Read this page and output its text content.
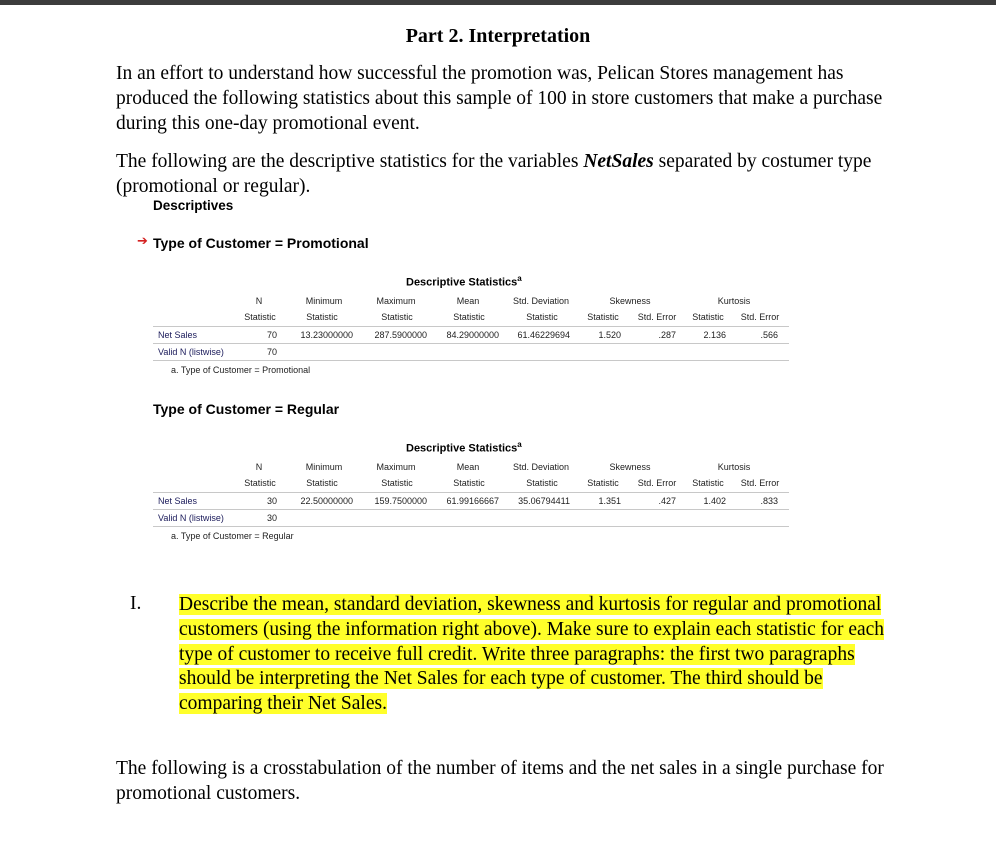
Part 2. Interpretation
In an effort to understand how successful the promotion was, Pelican Stores management has produced the following statistics about this sample of 100 in store customers that make a purchase during this one-day promotional event.
The following are the descriptive statistics for the variables NetSales separated by costumer type (promotional or regular).
Descriptives
➔ Type of Customer = Promotional
Descriptive Statistics$^a$
N	Minimum	Maximum	Mean	Std. Deviation	Skewness	Kurtosis
Statistic	Statistic	Statistic	Statistic	Statistic	Statistic Std. Error Statistic Std. Error
Net Sales	70	13.23000000 287.5900000 84.29000000 61.46229694	1.520	.287	2.136	.566
Valid N (listwise)	70
a. Type of Customer = Promotional
Type of Customer = Regular
Descriptive Statistics$^a$
N	Minimum	Maximum	Mean	Std. Deviation	Skewness	Kurtosis
Statistic	Statistic	Statistic	Statistic	Statistic	Statistic Std. Error Statistic Std. Error
Net Sales	30	22.50000000 159.7500000 61.99166667 35.06794411	1.351	.427	1.402	.833
Valid N (listwise)	30
a. Type of Customer = Regular
I. Describe the mean, standard deviation, skewness and kurtosis for regular and promotional customers (using the information right above). Make sure to explain each statistic for each type of customer to receive full credit. Write three paragraphs: the first two paragraphs should be interpreting the Net Sales for each type of customer. The third should be comparing their Net Sales.
The following is a crosstabulation of the number of items and the net sales in a single purchase for promotional customers.
